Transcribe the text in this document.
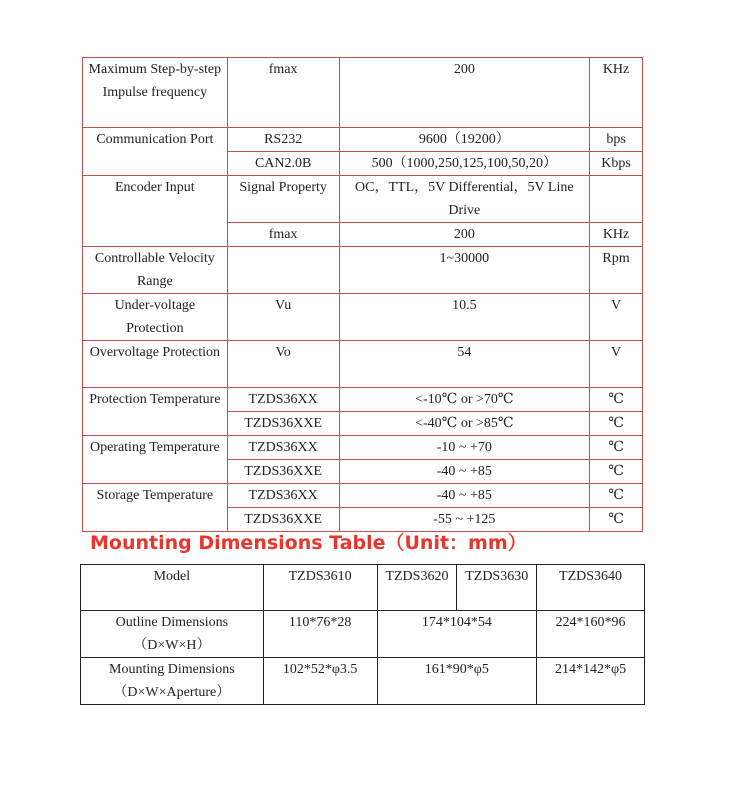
Maximum Step-by-step Impulse frequency	fmax	200	KHz
Communication Port	RS232	9600（19200）	bps
	CAN2.0B	500（1000,250,125,100,50,20）	Kbps
Encoder Input	Signal Property	OC，TTL，5V Differential，5V Line Drive	
	fmax	200	KHz
Controllable Velocity Range		1~30000	Rpm
Under-voltage Protection	Vu	10.5	V
Overvoltage Protection	Vo	54	V
Protection Temperature	TZDS36XX	<-10℃ or >70℃	℃
	TZDS36XXE	<-40℃ or >85℃	℃
Operating Temperature	TZDS36XX	-10 ~ +70	℃
	TZDS36XXE	-40 ~ +85	℃
Storage Temperature	TZDS36XX	-40 ~ +85	℃
	TZDS36XXE	-55 ~ +125	℃
Mounting Dimensions Table（Unit：mm）
Model	TZDS3610	TZDS3620	TZDS3630	TZDS3640
Outline Dimensions （D×W×H）	110*76*28	174*104*54		224*160*96
Mounting Dimensions （D×W×Aperture）	102*52*φ3.5	161*90*φ5		214*142*φ5
